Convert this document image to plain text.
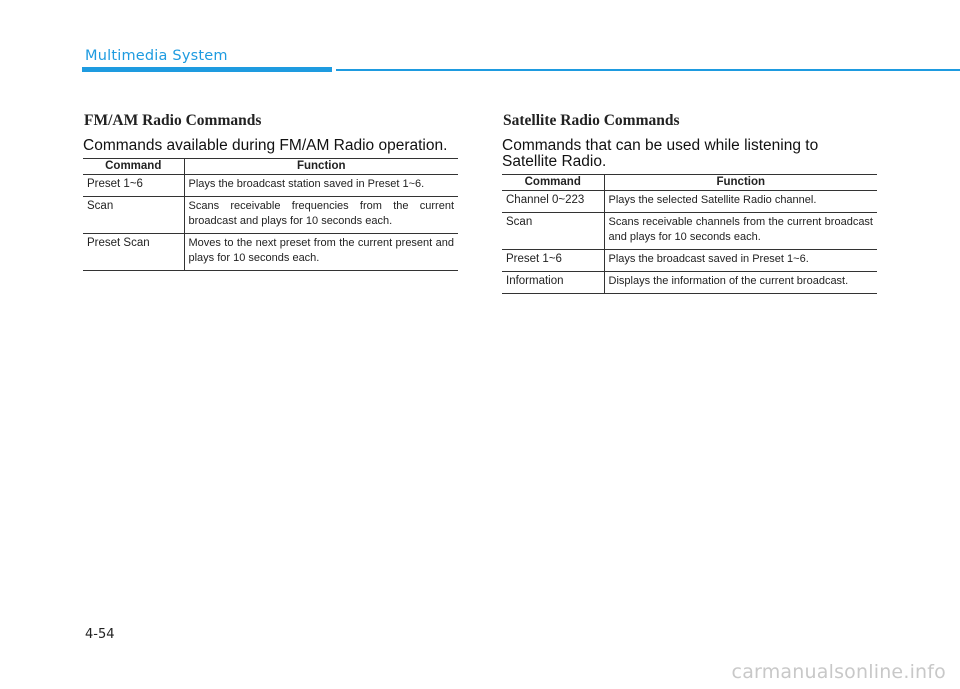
Multimedia System
FM/AM Radio Commands
Commands available during FM/AM Radio operation.
Command	Function
Preset 1~6	Plays the broadcast station saved in Preset 1~6.
Scan	Scans receivable frequencies from the current broadcast and plays for 10 seconds each.
Preset Scan	Moves to the next preset from the current present and plays for 10 seconds each.
Satellite Radio Commands
Commands that can be used while listening to Satellite Radio.
Command	Function
Channel 0~223	Plays the selected Satellite Radio channel.
Scan	Scans receivable channels from the current broadcast and plays for 10 seconds each.
Preset 1~6	Plays the broadcast saved in Preset 1~6.
Information	Displays the information of the current broadcast.
4-54
carmanualsonline.info
